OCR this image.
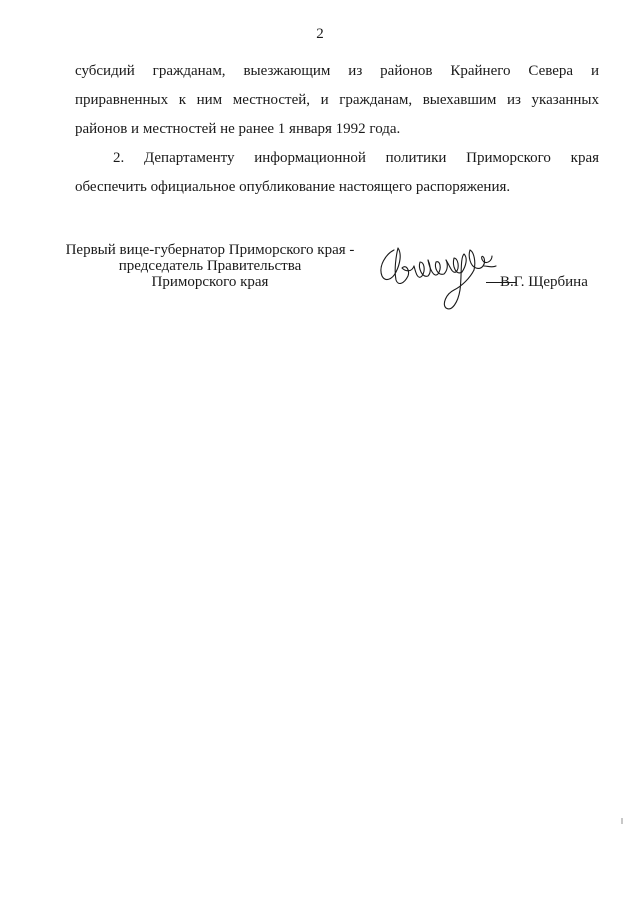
2

субсидий гражданам, выезжающим из районов Крайнего Севера и
приравненных к ним местностей, и гражданам, выехавшим из указанных
районов и местностей не ранее 1 января 1992 года.

2. Департаменту информационной политики Приморского края
обеспечить официальное опубликование настоящего распоряжения.

Первый вице-губернатор Приморского края -
председатель Правительства
Приморского края	В.Г. Щербина
